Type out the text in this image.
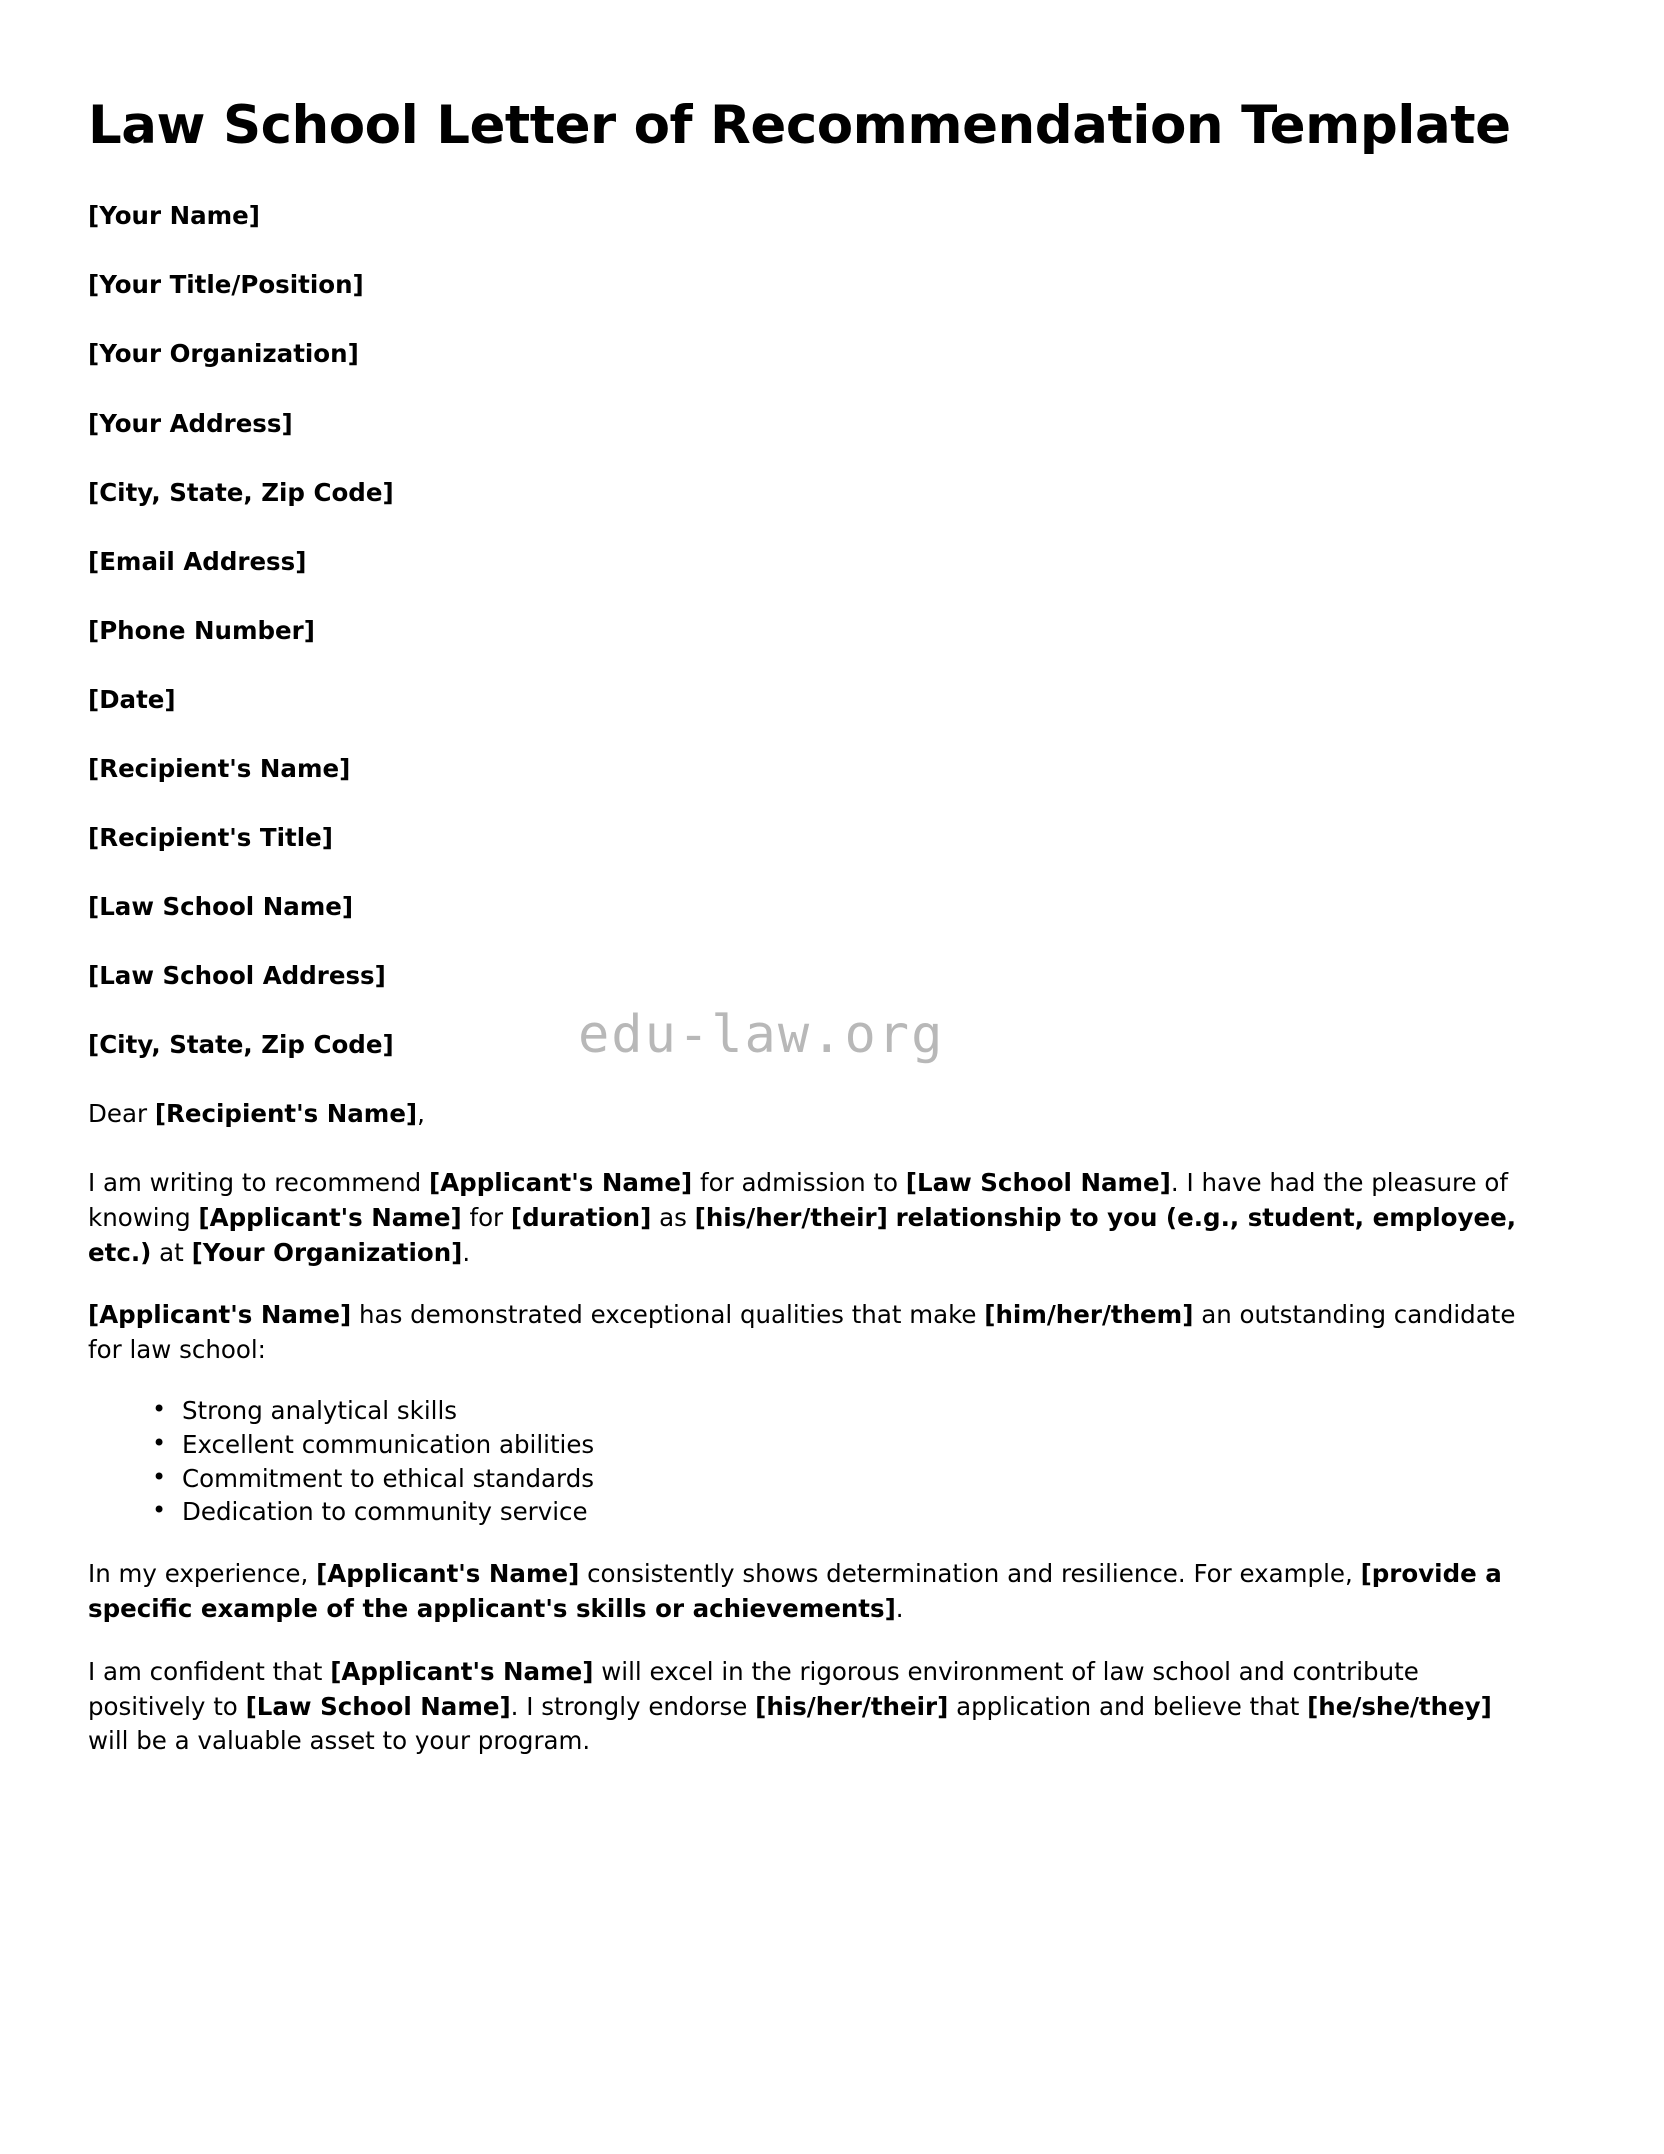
Law School Letter of Recommendation Template
[Your Name]
[Your Title/Position]
[Your Organization]
[Your Address]
[City, State, Zip Code]
[Email Address]
[Phone Number]
[Date]
[Recipient's Name]
[Recipient's Title]
[Law School Name]
[Law School Address]
[City, State, Zip Code]
Dear [Recipient's Name],

I am writing to recommend [Applicant's Name] for admission to [Law School Name]. I have had the pleasure of knowing [Applicant's Name] for [duration] as [his/her/their] relationship to you (e.g., student, employee, etc.) at [Your Organization].

[Applicant's Name] has demonstrated exceptional qualities that make [him/her/them] an outstanding candidate for law school:

• Strong analytical skills
• Excellent communication abilities
• Commitment to ethical standards
• Dedication to community service

In my experience, [Applicant's Name] consistently shows determination and resilience. For example, [provide a specific example of the applicant's skills or achievements].

I am confident that [Applicant's Name] will excel in the rigorous environment of law school and contribute positively to [Law School Name]. I strongly endorse [his/her/their] application and believe that [he/she/they] will be a valuable asset to your program.

edu-law.org
